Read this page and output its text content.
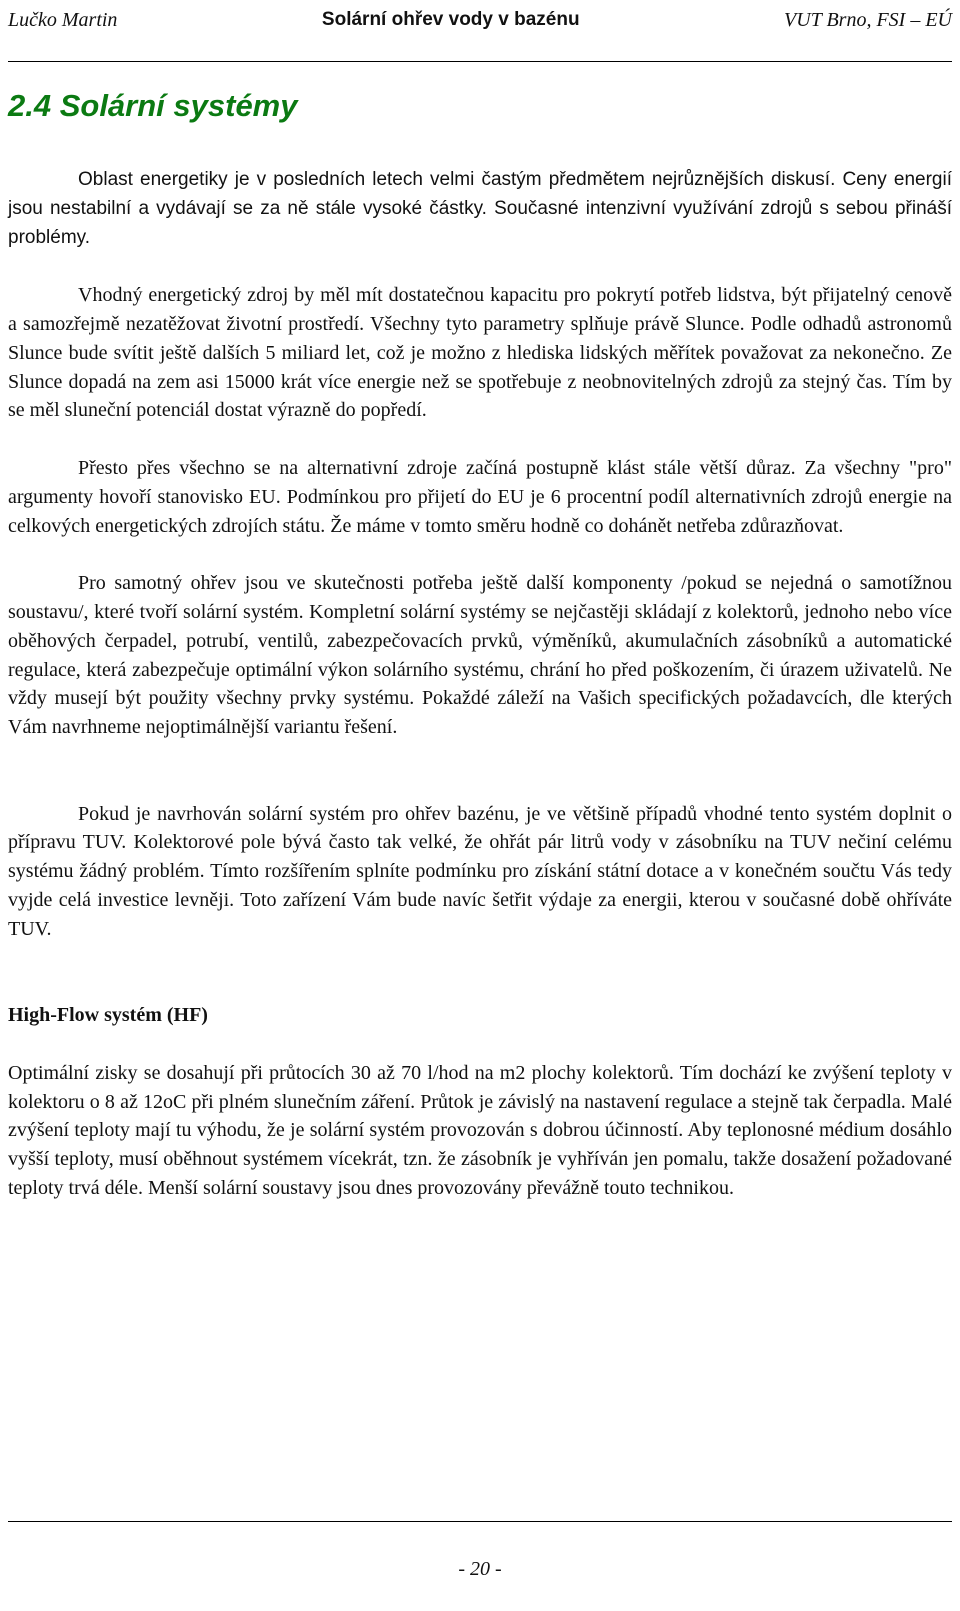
Lučko Martin	Solární ohřev vody v bazénu	VUT Brno, FSI – EÚ
2.4 Solární systémy

Oblast energetiky je v posledních letech velmi častým předmětem nejrůznějších diskusí. Ceny energií jsou nestabilní a vydávají se za ně stále vysoké částky. Současné intenzivní využívání zdrojů s sebou přináší problémy.

Vhodný energetický zdroj by měl mít dostatečnou kapacitu pro pokrytí potřeb lidstva, být přijatelný cenově a samozřejmě nezatěžovat životní prostředí. Všechny tyto parametry splňuje právě Slunce. Podle odhadů astronomů Slunce bude svítit ještě dalších 5 miliard let, což je možno z hlediska lidských měřítek považovat za nekonečno. Ze Slunce dopadá na zem asi 15000 krát více energie než se spotřebuje z neobnovitelných zdrojů za stejný čas. Tím by se měl sluneční potenciál dostat výrazně do popředí.

Přesto přes všechno se na alternativní zdroje začíná postupně klást stále větší důraz. Za všechny "pro" argumenty hovoří stanovisko EU. Podmínkou pro přijetí do EU je 6 procentní podíl alternativních zdrojů energie na celkových energetických zdrojích státu. Že máme v tomto směru hodně co dohánět netřeba zdůrazňovat.

Pro samotný ohřev jsou ve skutečnosti potřeba ještě další komponenty /pokud se nejedná o samotížnou soustavu/, které tvoří solární systém. Kompletní solární systémy se nejčastěji skládají z kolektorů, jednoho nebo více oběhových čerpadel, potrubí, ventilů, zabezpečovacích prvků, výměníků, akumulačních zásobníků a automatické regulace, která zabezpečuje optimální výkon solárního systému, chrání ho před poškozením, či úrazem uživatelů. Ne vždy musejí být použity všechny prvky systému. Pokaždé záleží na Vašich specifických požadavcích, dle kterých Vám navrhneme nejoptimálnější variantu řešení.

Pokud je navrhován solární systém pro ohřev bazénu, je ve většině případů vhodné tento systém doplnit o přípravu TUV. Kolektorové pole bývá často tak velké, že ohřát pár litrů vody v zásobníku na TUV nečiní celému systému žádný problém. Tímto rozšířením splníte podmínku pro získání státní dotace a v konečném součtu Vás tedy vyjde celá investice levněji. Toto zařízení Vám bude navíc šetřit výdaje za energii, kterou v současné době ohříváte TUV.

High-Flow systém (HF)

Optimální zisky se dosahují při průtocích 30 až 70 l/hod na m2 plochy kolektorů. Tím dochází ke zvýšení teploty v kolektoru o 8 až 12oC při plném slunečním záření. Průtok je závislý na nastavení regulace a stejně tak čerpadla. Malé zvýšení teploty mají tu výhodu, že je solární systém provozován s dobrou účinností. Aby teplonosné médium dosáhlo vyšší teploty, musí oběhnout systémem vícekrát, tzn. že zásobník je vyhříván jen pomalu, takže dosažení požadované teploty trvá déle. Menší solární soustavy jsou dnes provozovány převážně touto technikou.

- 20 -
